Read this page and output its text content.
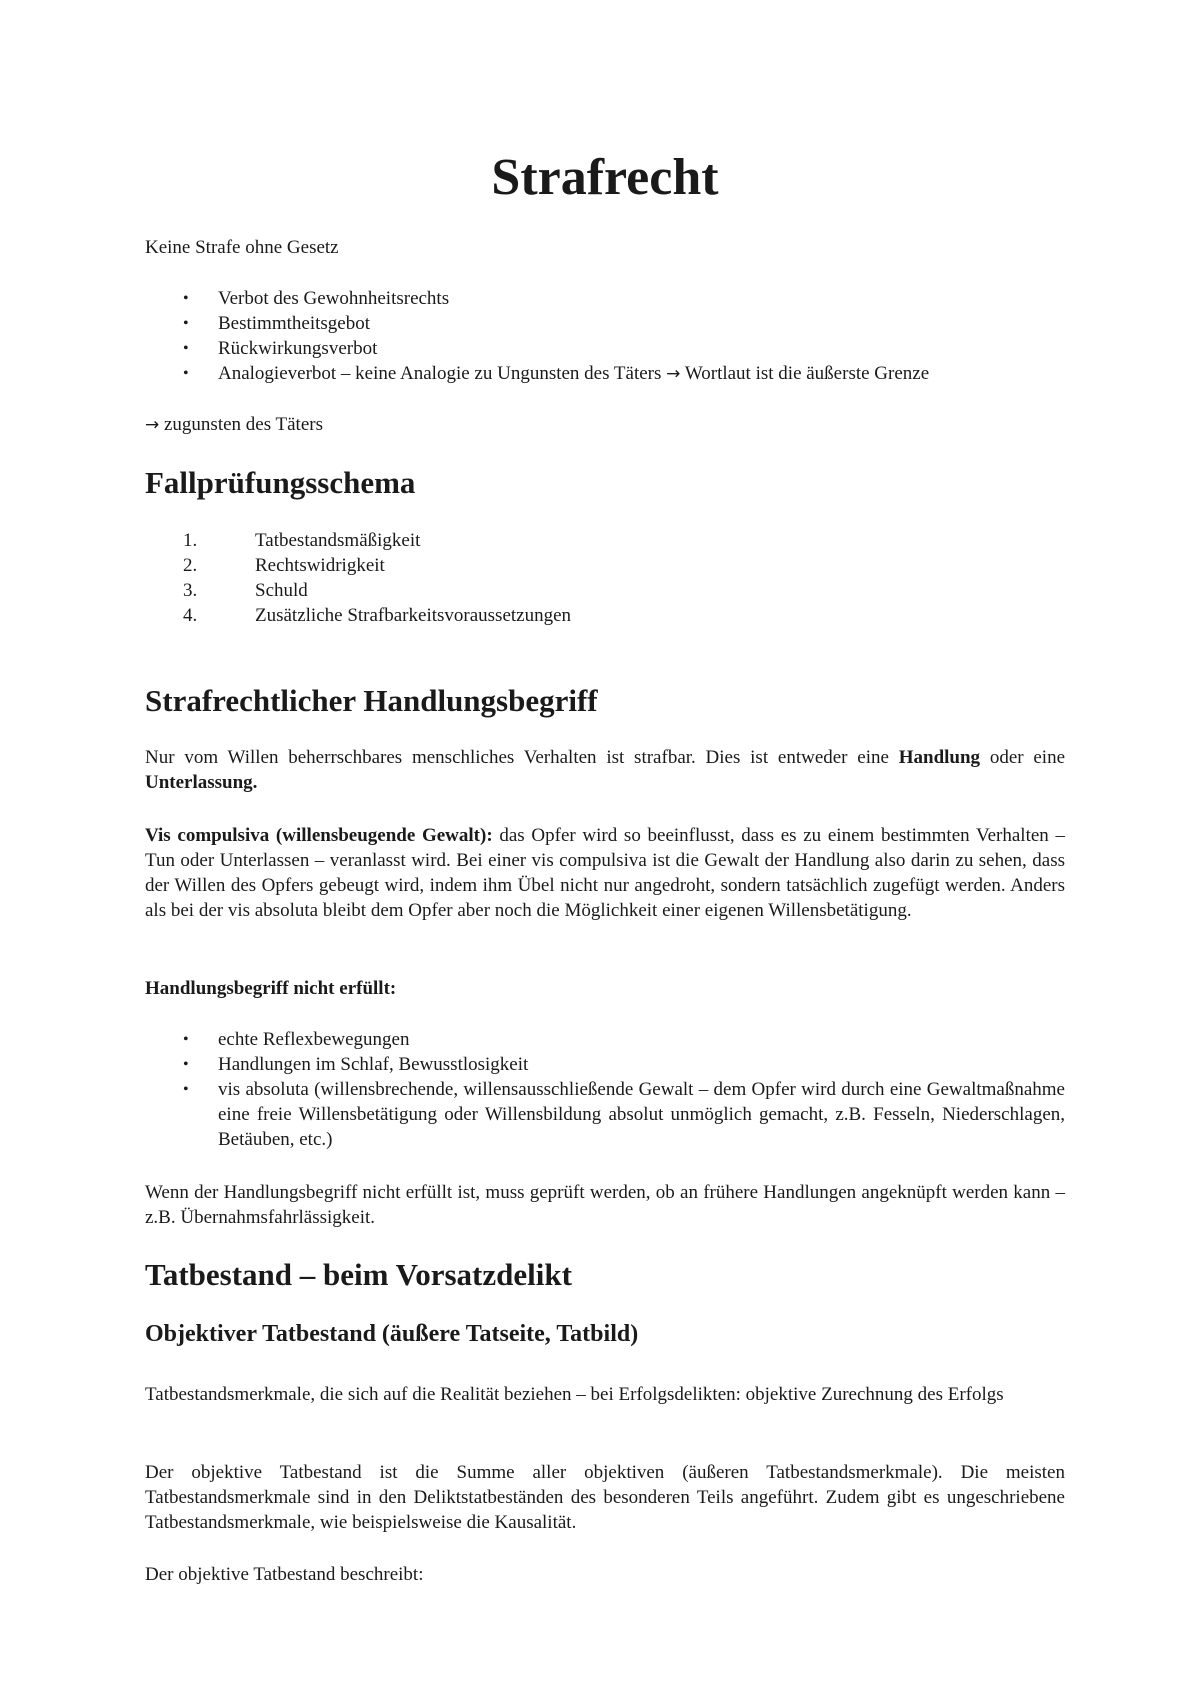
Strafrecht

Keine Strafe ohne Gesetz

• Verbot des Gewohnheitsrechts
• Bestimmtheitsgebot
• Rückwirkungsverbot
• Analogieverbot – keine Analogie zu Ungunsten des Täters → Wortlaut ist die äußerste Grenze

→ zugunsten des Täters

Fallprüfungsschema
1.	Tatbestandsmäßigkeit
2.	Rechtswidrigkeit
3.	Schuld
4.	Zusätzliche Strafbarkeitsvoraussetzungen
Strafrechtlicher Handlungsbegriff

Nur vom Willen beherrschbares menschliches Verhalten ist strafbar. Dies ist entweder eine Handlung oder eine Unterlassung.

Vis compulsiva (willensbeugende Gewalt): das Opfer wird so beeinflusst, dass es zu einem bestimmten Verhalten – Tun oder Unterlassen – veranlasst wird. Bei einer vis compulsiva ist die Gewalt der Handlung also darin zu sehen, dass der Willen des Opfers gebeugt wird, indem ihm Übel nicht nur angedroht, sondern tatsächlich zugefügt werden. Anders als bei der vis absoluta bleibt dem Opfer aber noch die Möglichkeit einer eigenen Willensbetätigung.

Handlungsbegriff nicht erfüllt:

• echte Reflexbewegungen
• Handlungen im Schlaf, Bewusstlosigkeit
• vis absoluta (willensbrechende, willensausschließende Gewalt – dem Opfer wird durch eine Gewaltmaßnahme eine freie Willensbetätigung oder Willensbildung absolut unmöglich gemacht, z.B. Fesseln, Niederschlagen, Betäuben, etc.)

Wenn der Handlungsbegriff nicht erfüllt ist, muss geprüft werden, ob an frühere Handlungen angeknüpft werden kann – z.B. Übernahmsfahrlässigkeit.

Tatbestand – beim Vorsatzdelikt
Objektiver Tatbestand (äußere Tatseite, Tatbild)

Tatbestandsmerkmale, die sich auf die Realität beziehen – bei Erfolgsdelikten: objektive Zurechnung des Erfolgs

Der objektive Tatbestand ist die Summe aller objektiven (äußeren Tatbestandsmerkmale). Die meisten Tatbestandsmerkmale sind in den Deliktstatbeständen des besonderen Teils angeführt. Zudem gibt es ungeschriebene Tatbestandsmerkmale, wie beispielsweise die Kausalität.

Der objektive Tatbestand beschreibt:
